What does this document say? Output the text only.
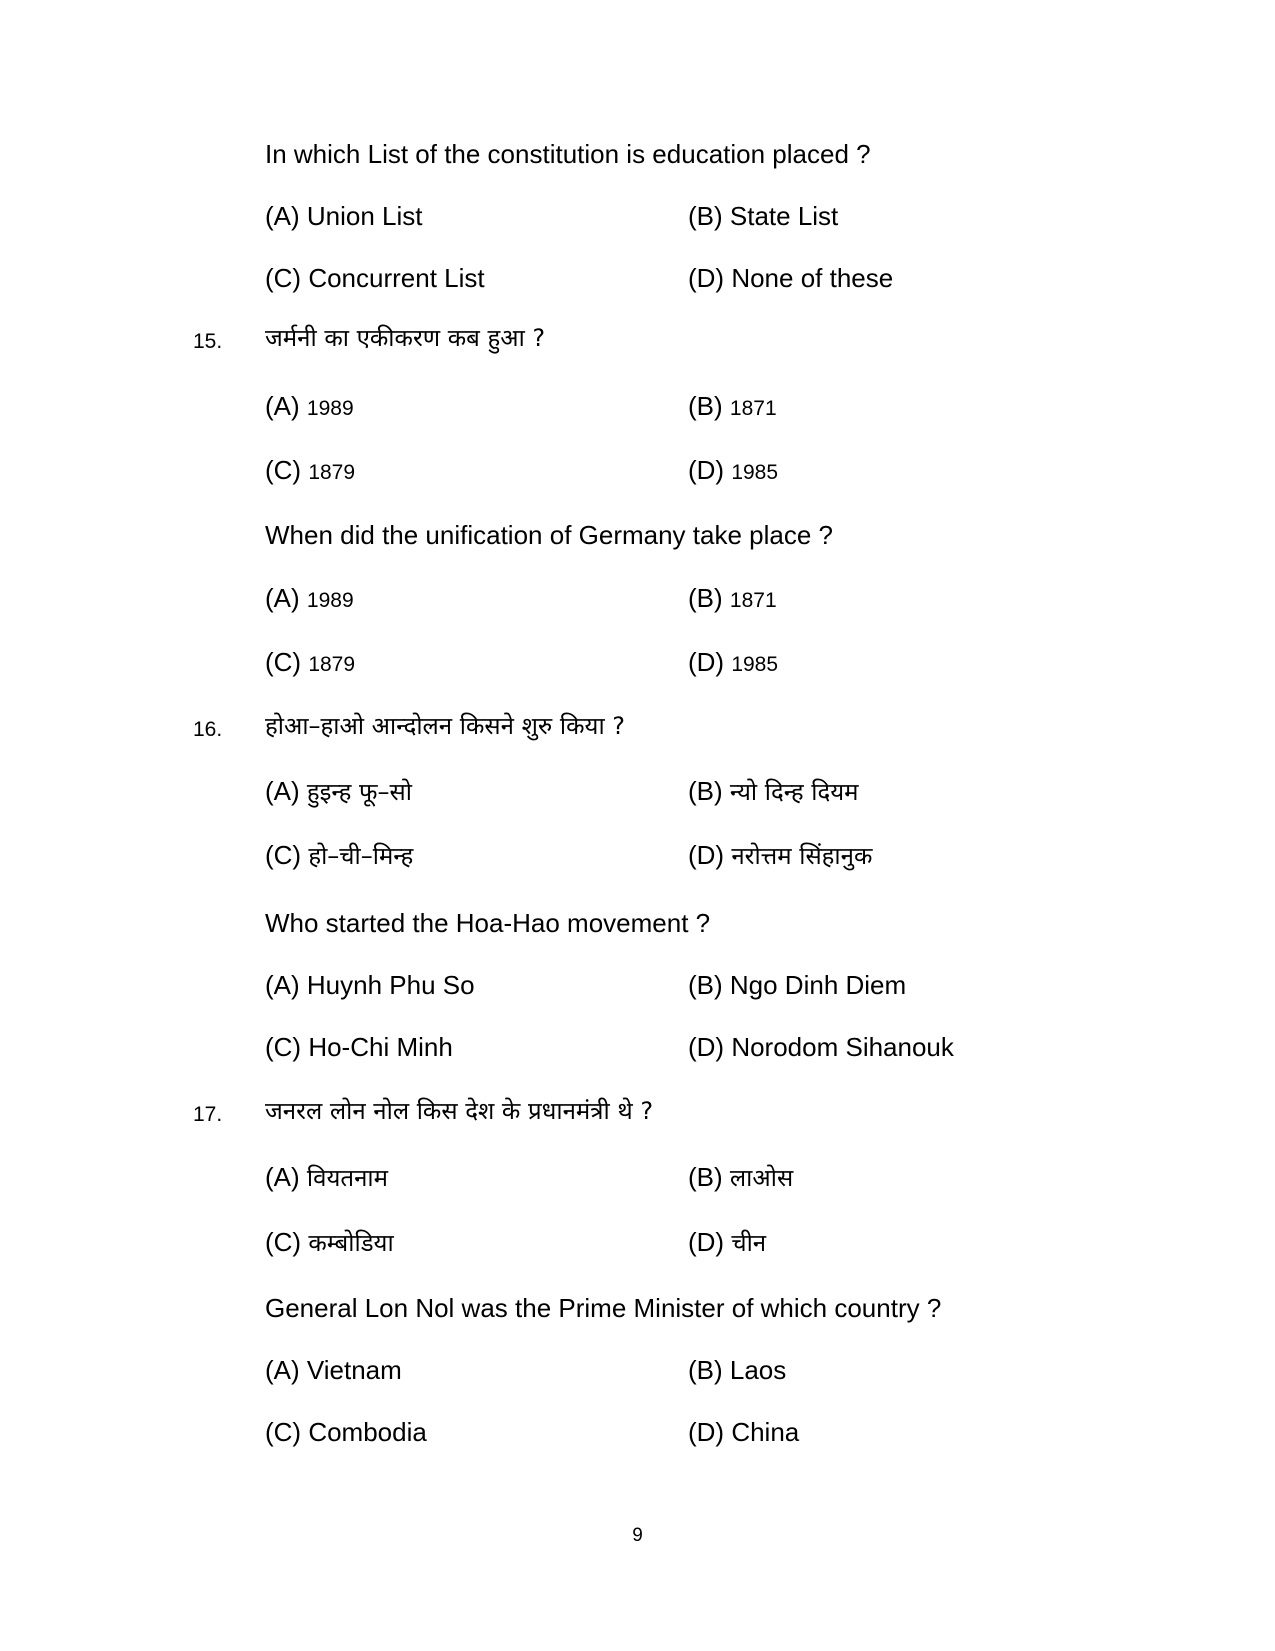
In which List of the constitution is education placed ?
(A) Union List	(B) State List
(C) Concurrent List	(D) None of these
15. जर्मनी का एकीकरण कब हुआ ?
(A) 1989	(B) 1871
(C) 1879	(D) 1985
When did the unification of Germany take place ?
(A) 1989	(B) 1871
(C) 1879	(D) 1985
16. होआ–हाओ आन्दोलन किसने शुरु किया ?
(A) हुइन्ह फू–सो	(B) न्यो दिन्ह दियम
(C) हो–ची–मिन्ह	(D) नरोत्तम सिंहानुक
Who started the Hoa-Hao movement ?
(A) Huynh Phu So	(B) Ngo Dinh Diem
(C) Ho-Chi Minh	(D) Norodom Sihanouk
17. जनरल लोन नोल किस देश के प्रधानमंत्री थे ?
(A) वियतनाम	(B) लाओस
(C) कम्बोडिया	(D) चीन
General Lon Nol was the Prime Minister of which country ?
(A) Vietnam	(B) Laos
(C) Combodia	(D) China
9
